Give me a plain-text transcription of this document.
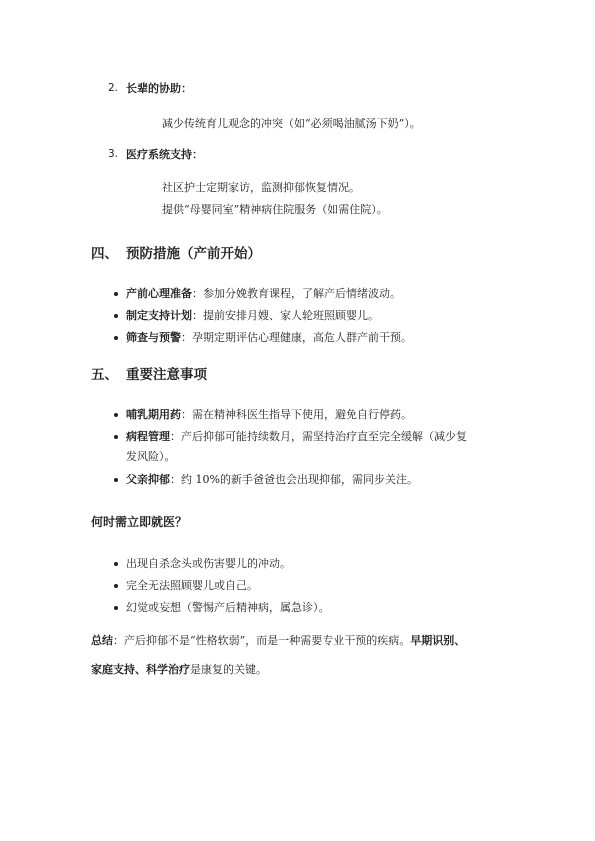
2. 长辈的协助：
减少传统育儿观念的冲突（如“必须喝油腻汤下奶”）。
3. 医疗系统支持：
社区护士定期家访，监测抑郁恢复情况。
提供“母婴同室”精神病住院服务（如需住院）。
四、 预防措施（产前开始）
产前心理准备：参加分娩教育课程，了解产后情绪波动。
制定支持计划：提前安排月嫂、家人轮班照顾婴儿。
筛查与预警：孕期定期评估心理健康，高危人群产前干预。
五、 重要注意事项
哺乳期用药：需在精神科医生指导下使用，避免自行停药。
病程管理：产后抑郁可能持续数月，需坚持治疗直至完全缓解（减少复
发风险）。
父亲抑郁：约 10%的新手爸爸也会出现抑郁，需同步关注。
何时需立即就医？
出现自杀念头或伤害婴儿的冲动。
完全无法照顾婴儿或自己。
幻觉或妄想（警惕产后精神病，属急诊）。
总结：产后抑郁不是“性格软弱”，而是一种需要专业干预的疾病。早期识别、
家庭支持、科学治疗是康复的关键。
